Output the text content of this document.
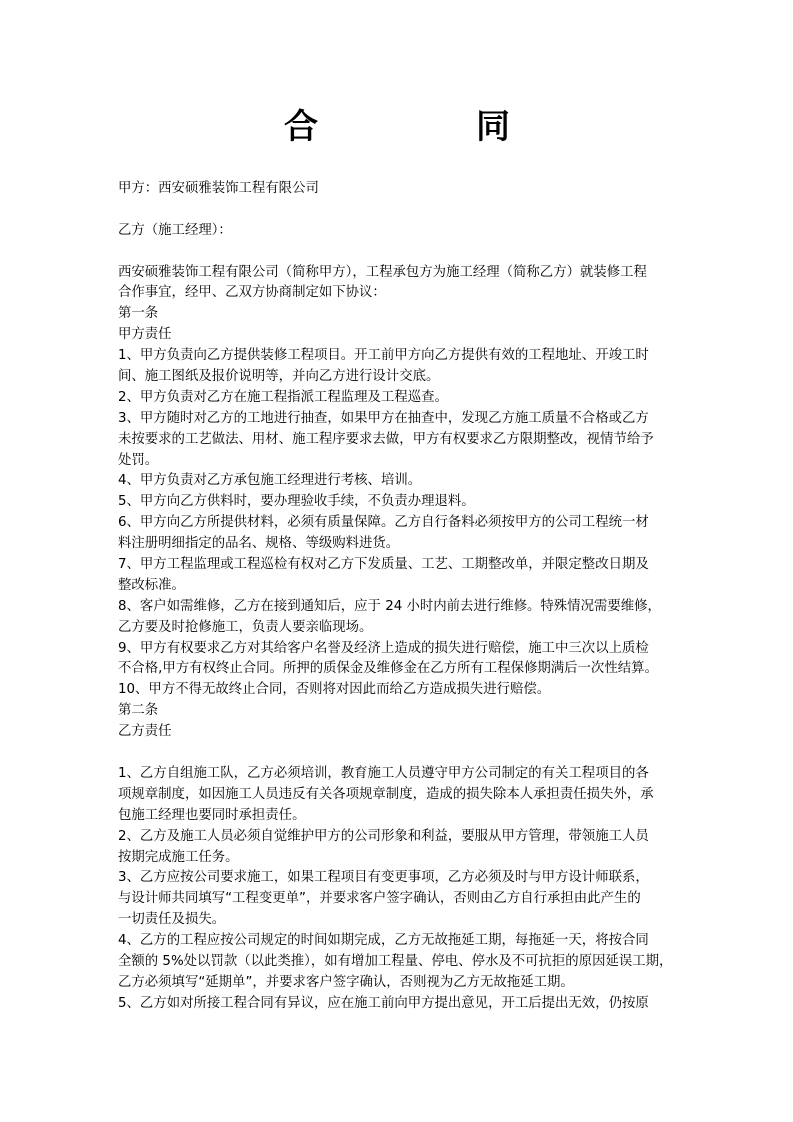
合	同
甲方：西安硕雅装饰工程有限公司
乙方（施工经理）：
西安硕雅装饰工程有限公司（简称甲方），工程承包方为施工经理（简称乙方）就装修工程
合作事宜，经甲、乙双方协商制定如下协议：
第一条
甲方责任
1、甲方负责向乙方提供装修工程项目。开工前甲方向乙方提供有效的工程地址、开竣工时
间、施工图纸及报价说明等，并向乙方进行设计交底。
2、甲方负责对乙方在施工程指派工程监理及工程巡查。
3、甲方随时对乙方的工地进行抽查，如果甲方在抽查中，发现乙方施工质量不合格或乙方
未按要求的工艺做法、用材、施工程序要求去做，甲方有权要求乙方限期整改，视情节给予
处罚。
4、甲方负责对乙方承包施工经理进行考核、培训。
5、甲方向乙方供料时，要办理验收手续，不负责办理退料。
6、甲方向乙方所提供材料，必须有质量保障。乙方自行备料必须按甲方的公司工程统一材
料注册明细指定的品名、规格、等级购料进货。
7、甲方工程监理或工程巡检有权对乙方下发质量、工艺、工期整改单，并限定整改日期及
整改标准。
8、客户如需维修，乙方在接到通知后，应于 24 小时内前去进行维修。特殊情况需要维修，
乙方要及时抢修施工，负责人要亲临现场。
9、甲方有权要求乙方对其给客户名誉及经济上造成的损失进行赔偿，施工中三次以上质检
不合格,甲方有权终止合同。所押的质保金及维修金在乙方所有工程保修期满后一次性结算。
10、甲方不得无故终止合同，否则将对因此而给乙方造成损失进行赔偿。
第二条
乙方责任
1、乙方自组施工队，乙方必须培训，教育施工人员遵守甲方公司制定的有关工程项目的各
项规章制度，如因施工人员违反有关各项规章制度，造成的损失除本人承担责任损失外，承
包施工经理也要同时承担责任。
2、乙方及施工人员必须自觉维护甲方的公司形象和利益，要服从甲方管理，带领施工人员
按期完成施工任务。
3、乙方应按公司要求施工，如果工程项目有变更事项，乙方必须及时与甲方设计师联系，
与设计师共同填写“工程变更单”，并要求客户签字确认，否则由乙方自行承担由此产生的
一切责任及损失。
4、乙方的工程应按公司规定的时间如期完成，乙方无故拖延工期，每拖延一天，将按合同
全额的 5%处以罚款（以此类推），如有增加工程量、停电、停水及不可抗拒的原因延误工期，
乙方必须填写“延期单”，并要求客户签字确认，否则视为乙方无故拖延工期。
5、乙方如对所接工程合同有异议，应在施工前向甲方提出意见，开工后提出无效，仍按原
